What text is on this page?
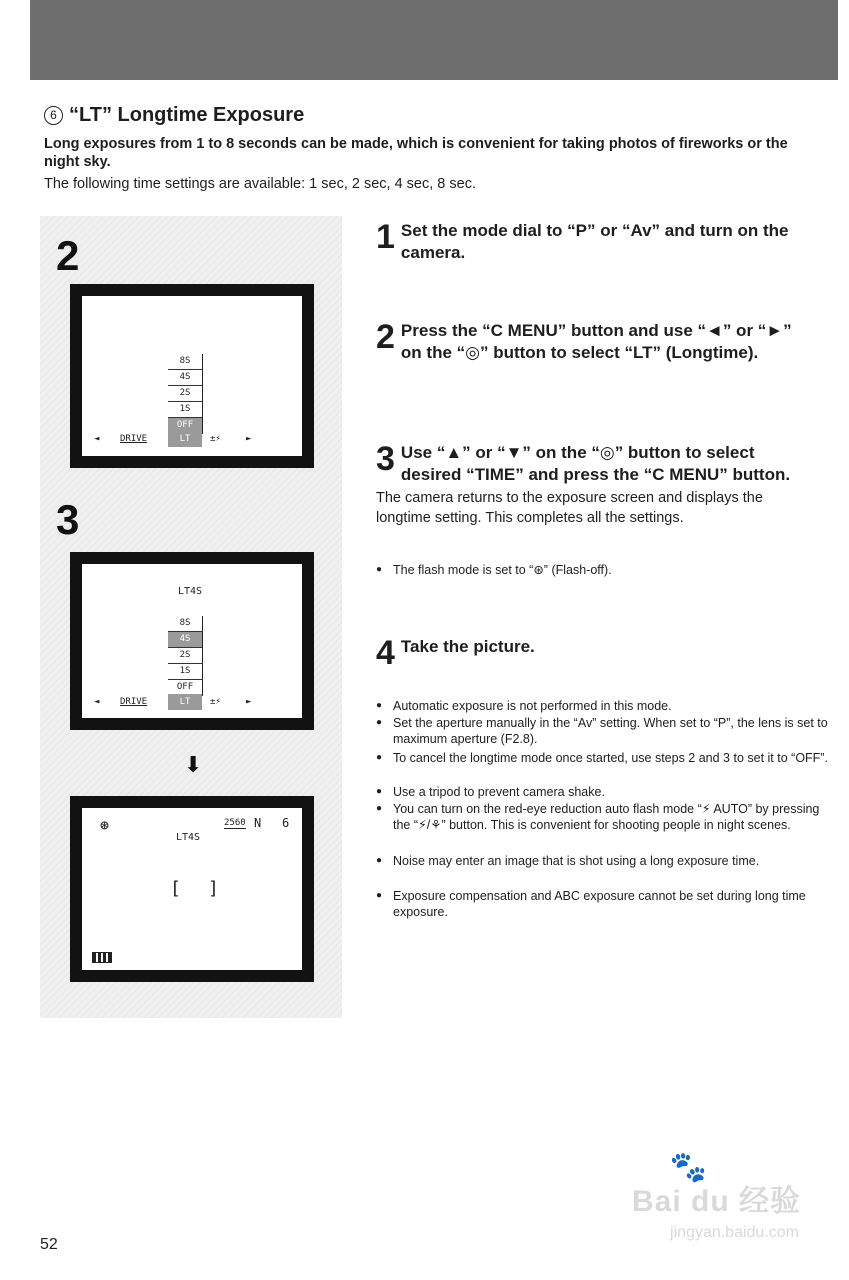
6 “LT” Longtime Exposure

Long exposures from 1 to 8 seconds can be made, which is convenient for taking photos of fireworks or the night sky.

The following time settings are available: 1 sec, 2 sec, 4 sec, 8 sec.

2
8S
4S
2S
1S
OFF
◄ DRIVE	LT	±⚡	►
3
LT4S
8S
4S
2S
1S
OFF
◄ DRIVE	LT	±⚡	►
⬇
⊛	2560 N 6
LT4S
[ ]
1 Set the mode dial to “P” or “Av” and turn on the camera.

2 Press the “C MENU” button and use “◄” or “►” on the “◎” button to select “LT” (Longtime).

3 Use “▲” or “▼” on the “◎” button to select desired “TIME” and press the “C MENU” button.

The camera returns to the exposure screen and displays the longtime setting. This completes all the settings.

● The flash mode is set to “⊛” (Flash-off).
4 Take the picture.

● Automatic exposure is not performed in this mode.
● Set the aperture manually in the “Av” setting. When set to “P”, the lens is set to maximum aperture (F2.8).
● To cancel the longtime mode once started, use steps 2 and 3 to set it to “OFF”.
● Use a tripod to prevent camera shake.
● You can turn on the red-eye reduction auto flash mode “⚡ AUTO” by pressing the “⚡/⚘” button. This is convenient for shooting people in night scenes.
● Noise may enter an image that is shot using a long exposure time.
● Exposure compensation and ABC exposure cannot be set during long time exposure.
52
🐾
Bai du 经验
jingyan.baidu.com
